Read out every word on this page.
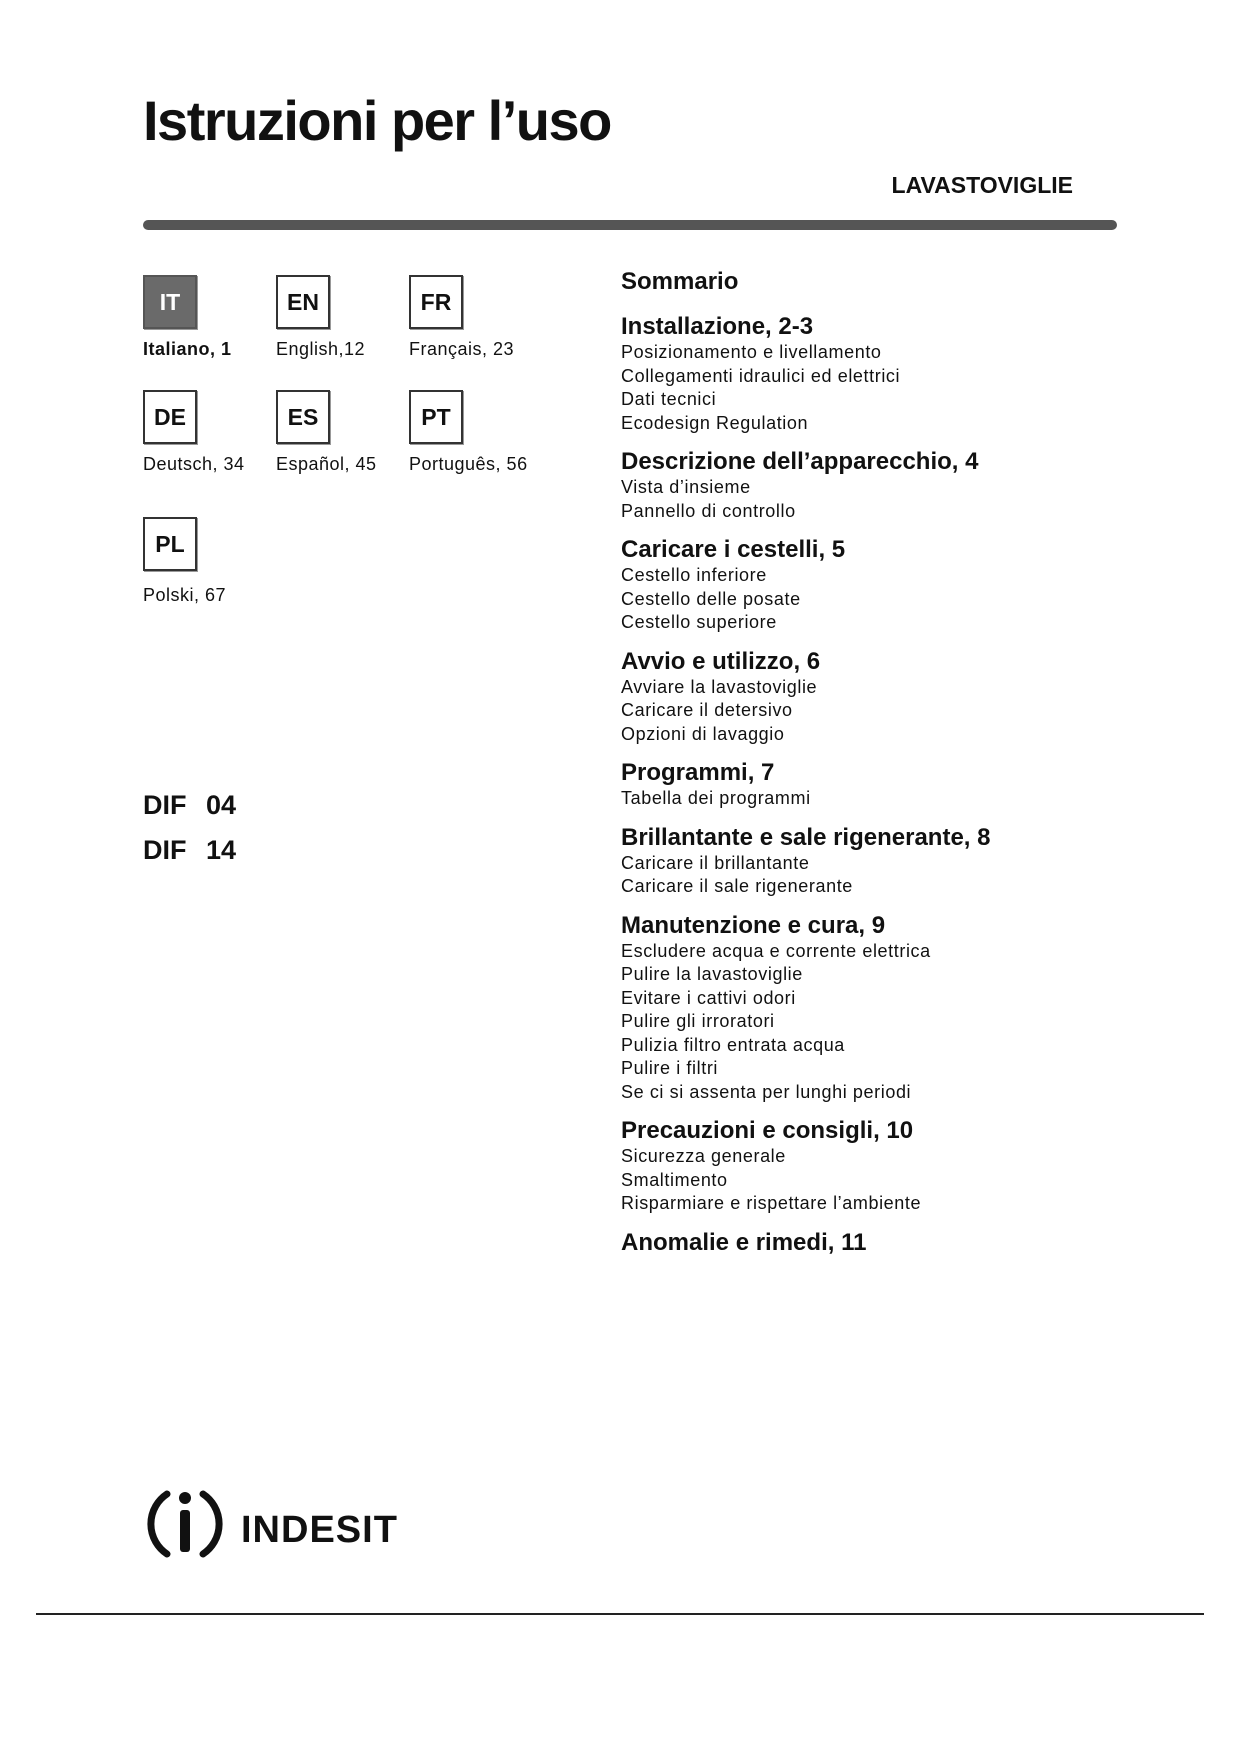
Istruzioni per l’uso
LAVASTOVIGLIE
IT
Italiano, 1
EN
English,12
FR
Français, 23
DE
Deutsch, 34
ES
Español, 45
PT
Português, 56
PL
Polski, 67
DIF 04
DIF 14
Sommario
Installazione, 2-3
Posizionamento e livellamento
Collegamenti idraulici ed elettrici
Dati tecnici
Ecodesign Regulation
Descrizione dell’apparecchio, 4
Vista d’insieme
Pannello di controllo
Caricare i cestelli, 5
Cestello inferiore
Cestello delle posate
Cestello superiore
Avvio e utilizzo, 6
Avviare la lavastoviglie
Caricare il detersivo
Opzioni di lavaggio
Programmi, 7
Tabella dei programmi
Brillantante e sale rigenerante, 8
Caricare il brillantante
Caricare il sale rigenerante
Manutenzione e cura, 9
Escludere acqua e corrente elettrica
Pulire la lavastoviglie
Evitare i cattivi odori
Pulire gli irroratori
Pulizia filtro entrata acqua
Pulire i filtri
Se ci si assenta per lunghi periodi
Precauzioni e consigli, 10
Sicurezza generale
Smaltimento
Risparmiare e rispettare l’ambiente
Anomalie e rimedi, 11
indesit
